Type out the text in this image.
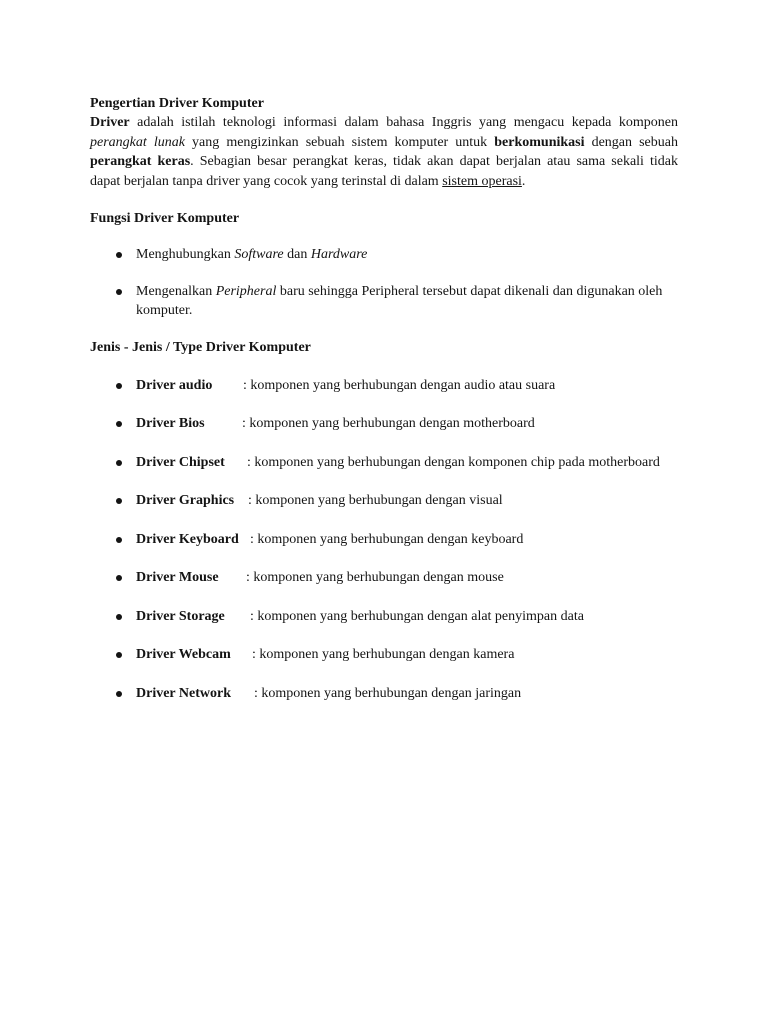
Pengertian Driver Komputer

Driver adalah istilah teknologi informasi dalam bahasa Inggris yang mengacu kepada komponen perangkat lunak yang mengizinkan sebuah sistem komputer untuk berkomunikasi dengan sebuah perangkat keras. Sebagian besar perangkat keras, tidak akan dapat berjalan atau sama sekali tidak dapat berjalan tanpa driver yang cocok yang terinstal di dalam sistem operasi.

Fungsi Driver Komputer

Menghubungkan Software dan Hardware
Mengenalkan Peripheral baru sehingga Peripheral tersebut dapat dikenali dan digunakan oleh komputer.

Jenis - Jenis / Type Driver Komputer

Driver audio : komponen yang berhubungan dengan audio atau suara
Driver Bios	: komponen yang berhubungan dengan motherboard
Driver Chipset : komponen yang berhubungan dengan komponen chip pada motherboard
Driver Graphics : komponen yang berhubungan dengan visual
Driver Keyboard : komponen yang berhubungan dengan keyboard
Driver Mouse : komponen yang berhubungan dengan mouse
Driver Storage : komponen yang berhubungan dengan alat penyimpan data
Driver Webcam : komponen yang berhubungan dengan kamera
Driver Network : komponen yang berhubungan dengan jaringan
